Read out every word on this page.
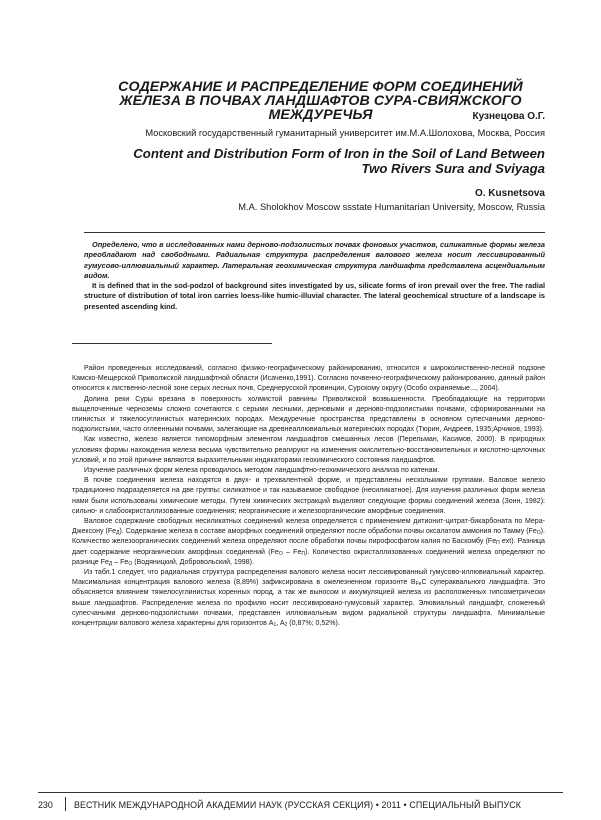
СОДЕРЖАНИЕ И РАСПРЕДЕЛЕНИЕ ФОРМ СОЕДИНЕНИЙ ЖЕЛЕЗА В ПОЧВАХ ЛАНДШАФТОВ СУРА-СВИЯЖСКОГО МЕЖДУРЕЧЬЯ	Кузнецова О.Г.
Московский государственный гуманитарный университет им.М.А.Шолохова, Москва, Россия
Content and Distribution Form of Iron in the Soil of Land Between Two Rivers Sura and Sviyaga
O. Kusnetsova
M.A. Sholokhov Moscow ssstate Humanitarian University, Moscow, Russia

Определено, что в исследованных нами дерново-подзолистых почвах фоновых участков, силикатные формы железа преобладают над свободными. Радиальная структура распределения валового железа носит лессивированный гумусово-иллювиальный характер. Латеральная геохимическая структура ландшафта представлена асцендиальным видом.

It is defined that in the sod-podzol of background sites investigated by us, silicate forms of iron prevail over the free. The radial structure of distribution of total iron carries loess-like humic-illuvial character. The lateral geochemical structure of a landscape is presented ascending kind.

Район проведенных исследований, согласно физико-географическому районированию, относится к широколиственно-лесной подзоне Камско-Мещерской Приволжской ландшафтной области (Исаченко,1991). Согласно почвенно-географическому районированию, данный район относится к лиственно-лесной зоне серых лесных почв, Среднерусской провинции, Сурскому округу (Особо охраняемые..., 2004).

Долина реки Суры врезана в поверхность холмистой равнины Приволжской возвышенности. Преобладающие на территории выщелоченные черноземы сложно сочетаются с серыми лесными, дерновыми и дерново-подзолистыми почвами, сформированными на глинистых и тяжелосуглинистых материнских породах. Междуречные пространства представлены в основном супесчаными дерново-подзолистыми, часто оглеенными почвами, залегающие на древнеаллювиальных материнских породах (Тюрин, Андреев, 1935;Арчиков, 1993).

Как известно, железо является типоморфным элементом ландшафтов смешанных лесов (Перельман, Касимов, 2000). В природных условиях формы нахождения железа весьма чувствительно реагируют на изменения окислительно-восстановительных и кислотно-щелочных условий, и по этой причине являются выразительными индикаторами геохимического состояния ландшафтов.

Изучение различных форм железа проводилось методом ландшафтно-геохимического анализа по катенам.

В почве соединения железа находятся в двух- и трехвалентной форме, и представлены несколькими группами. Валовое железо традиционно подразделяется на две группы: силикатное и так называемое свободное (несиликатное). Для изучения различных форм железа нами были использованы химические методы. Путем химических экстракций выделяют следующие формы соединений железа (Зонн, 1982): сильно- и слабоокристаллизованные соединения; неорганические и железоорганические аморфные соединения.

Валовое содержание свободных несиликатных соединений железа определяется с применением дитионит-цитрат-бикарбоната по Мера-Джексону $(Fe_Д)$. Содержание железа в составе аморфных соединений определяют после обработки почвы оксалатом аммония по Тамму $(Fe_О)$. Количество железоорганических соединений железа определяют после обработки почвы пирофосфатом калия по Баскомбу ($Fe_П$ ext). Разница дает содержание неорганических аморфных соединений $(Fe_О - Fe_П)$. Количество окристаллизованных соединений железа определяют по разнице $Fe_Д - Fe_О$ (Водяницкий, Добровольский, 1998).

Из табл.1 следует, что радиальная структура распределения валового железа носит лессивированный гумусово-иллювиальный характер. Максимальная концентрация валового железа (8,89%) зафиксирована в ожелезненном горизонте $B_{Fe}C$ супераквального ландшафта. Это объясняется влиянием тяжелосуглинистых коренных пород, а так же выносом и аккумуляцией железа из расположенных гипсометрически выше ландшафтов. Распределение железа по профилю носит лессивировано-гумусовый характер. Элювиальный ландшафт, сложенный супесчаными дерново-подзолистыми почвами, представлен иллювиальным видом радиальной структуры ландшафта. Минимальные концентрации валового железа характерны для горизонтов $A_1$, $A_2$ (0,87%; 0,52%).

230 ВЕСТНИК МЕЖДУНАРОДНОЙ АКАДЕМИИ НАУК (РУССКАЯ СЕКЦИЯ) • 2011 • СПЕЦИАЛЬНЫЙ ВЫПУСК
